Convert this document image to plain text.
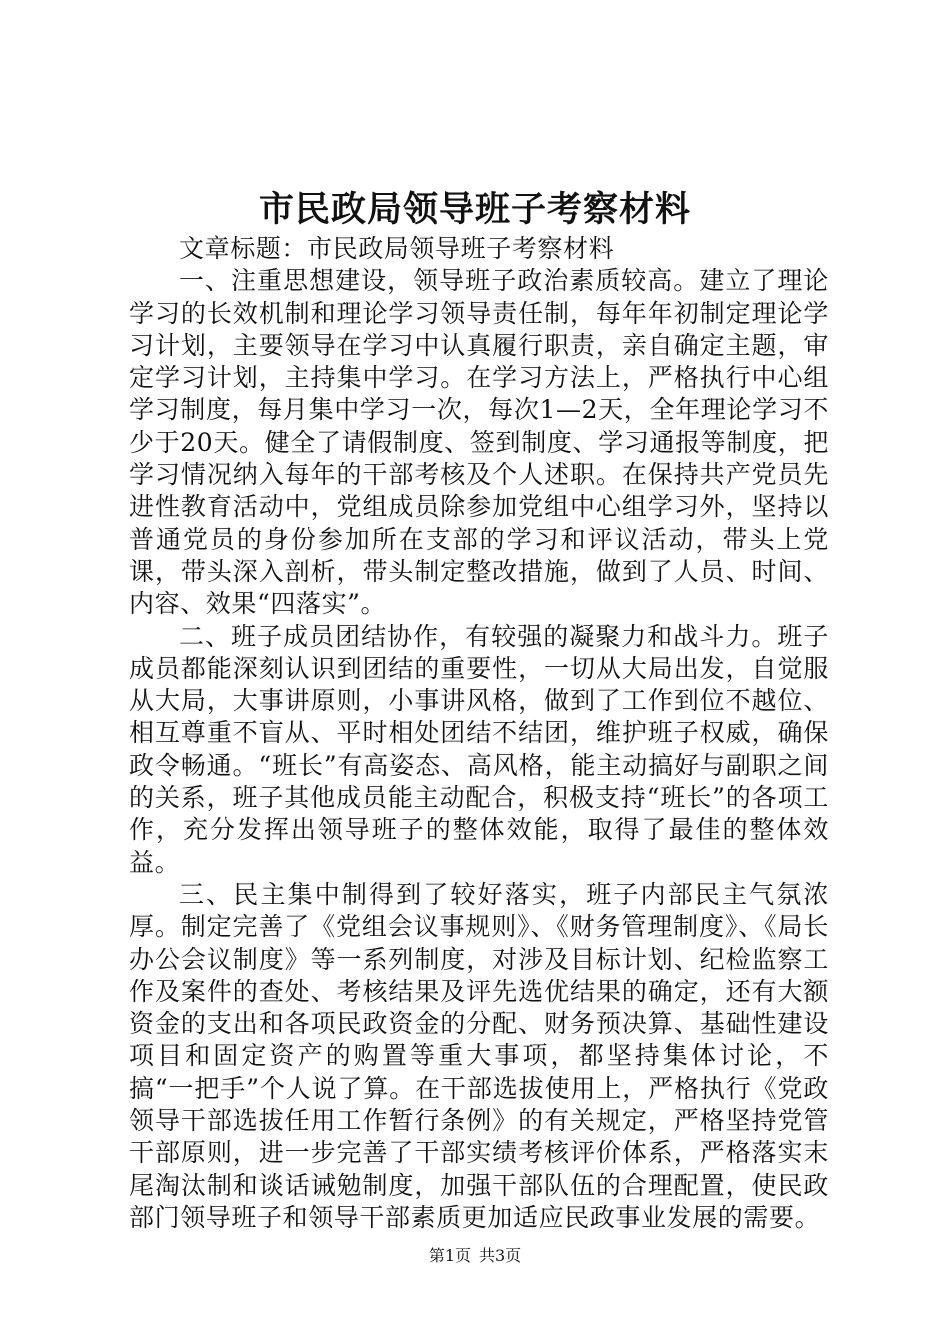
市民政局领导班子考察材料

文章标题：市民政局领导班子考察材料

一、注重思想建设，领导班子政治素质较高。建立了理论学习的长效机制和理论学习领导责任制，每年年初制定理论学习计划，主要领导在学习中认真履行职责，亲自确定主题，审定学习计划，主持集中学习。在学习方法上，严格执行中心组学习制度，每月集中学习一次，每次1—2天，全年理论学习不少于20天。健全了请假制度、签到制度、学习通报等制度，把学习情况纳入每年的干部考核及个人述职。在保持共产党员先进性教育活动中，党组成员除参加党组中心组学习外，坚持以普通党员的身份参加所在支部的学习和评议活动，带头上党课，带头深入剖析，带头制定整改措施，做到了人员、时间、内容、效果“四落实”。

二、班子成员团结协作，有较强的凝聚力和战斗力。班子成员都能深刻认识到团结的重要性，一切从大局出发，自觉服从大局，大事讲原则，小事讲风格，做到了工作到位不越位、相互尊重不盲从、平时相处团结不结团，维护班子权威，确保政令畅通。“班长”有高姿态、高风格，能主动搞好与副职之间的关系，班子其他成员能主动配合，积极支持“班长”的各项工作，充分发挥出领导班子的整体效能，取得了最佳的整体效益。

三、民主集中制得到了较好落实，班子内部民主气氛浓厚。制定完善了《党组会议事规则》、《财务管理制度》、《局长办公会议制度》等一系列制度，对涉及目标计划、纪检监察工作及案件的查处、考核结果及评先选优结果的确定，还有大额资金的支出和各项民政资金的分配、财务预决算、基础性建设项目和固定资产的购置等重大事项，都坚持集体讨论，不搞“一把手”个人说了算。在干部选拔使用上，严格执行《党政领导干部选拔任用工作暂行条例》的有关规定，严格坚持党管干部原则，进一步完善了干部实绩考核评价体系，严格落实末尾淘汰制和谈话诫勉制度，加强干部队伍的合理配置，使民政部门领导班子和领导干部素质更加适应民政事业发展的需要。

第1页 共3页
